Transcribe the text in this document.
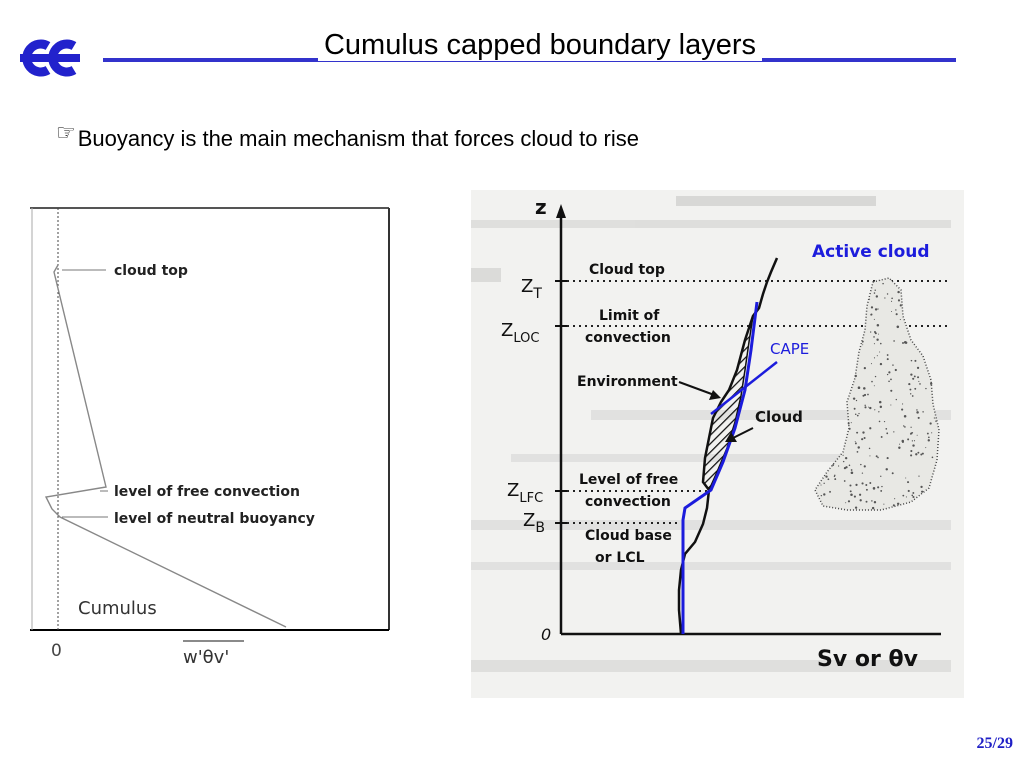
Cumulus capped boundary layers
☞Buoyancy is the main mechanism that forces cloud to rise
cloud top
level of free convection
level of neutral buoyancy
Cumulus
0	w'θv'
z
0
$Z_T$
$Z_{LOC}$
$Z_{LFC}$
$Z_B$
Cloud top
Limit of
convection
Environment
Cloud
Level of free
convection
Cloud base
or LCL
Active cloud
CAPE
Sv or θv
25/29
